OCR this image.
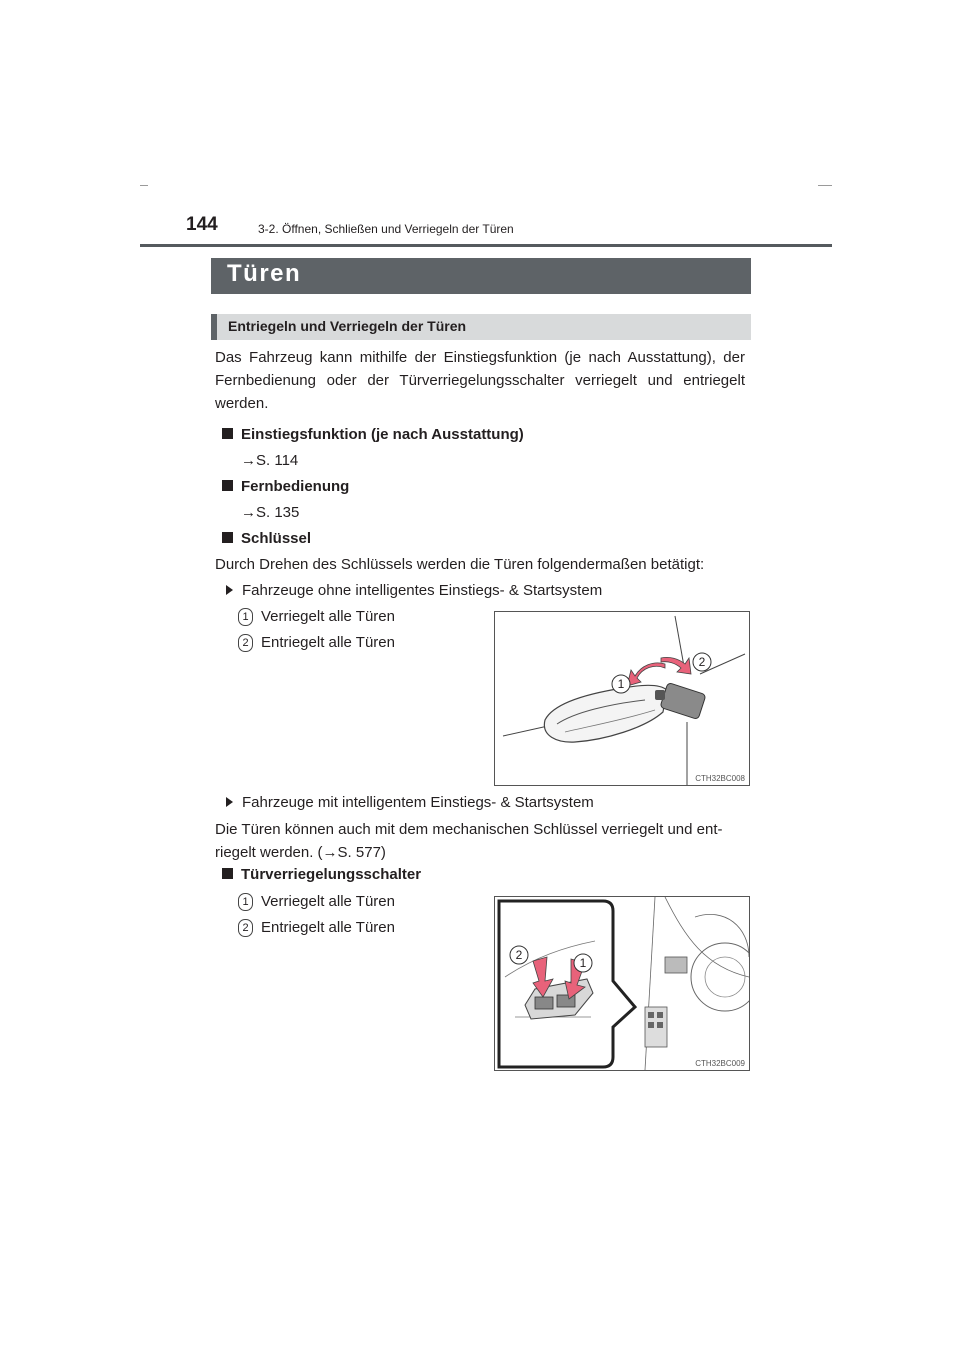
144	3-2. Öffnen, Schließen und Verriegeln der Türen
Türen
Entriegeln und Verriegeln der Türen
Das Fahrzeug kann mithilfe der Einstiegsfunktion (je nach Ausstattung), der Fernbedienung oder der Türverriegelungsschalter verriegelt und entriegelt werden.
Einstiegsfunktion (je nach Ausstattung)
→S. 114
Fernbedienung
→S. 135
Schlüssel
Durch Drehen des Schlüssels werden die Türen folgendermaßen betätigt:
Fahrzeuge ohne intelligentes Einstiegs- & Startsystem
1 Verriegelt alle Türen
2 Entriegelt alle Türen
1
2
CTH32BC008
Fahrzeuge mit intelligentem Einstiegs- & Startsystem
Die Türen können auch mit dem mechanischen Schlüssel verriegelt und ent-
riegelt werden. (→S. 577)
Türverriegelungsschalter
1 Verriegelt alle Türen
2 Entriegelt alle Türen
2
1
CTH32BC009
